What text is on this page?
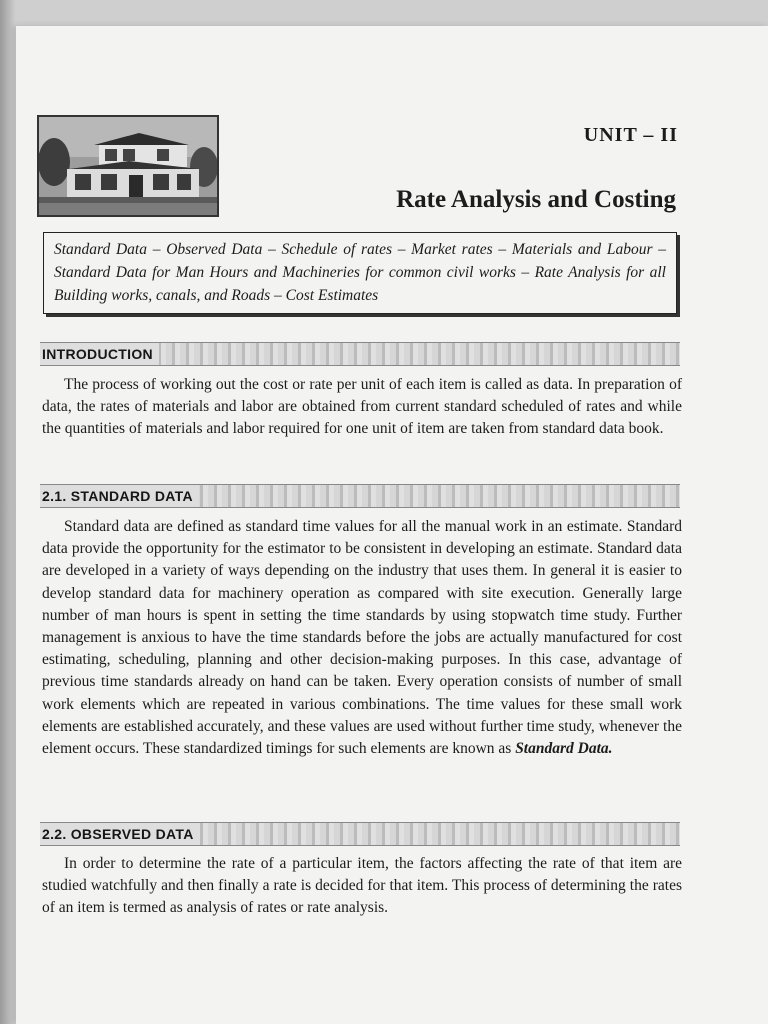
UNIT – II
Rate Analysis and Costing
Standard Data – Observed Data – Schedule of rates – Market rates – Materials and Labour – Standard Data for Man Hours and Machineries for common civil works – Rate Analysis for all Building works, canals, and Roads – Cost Estimates
INTRODUCTION
The process of working out the cost or rate per unit of each item is called as data. In preparation of data, the rates of materials and labor are obtained from current standard scheduled of rates and while the quantities of materials and labor required for one unit of item are taken from standard data book.
2.1. STANDARD DATA
Standard data are defined as standard time values for all the manual work in an estimate. Standard data provide the opportunity for the estimator to be consistent in developing an estimate. Standard data are developed in a variety of ways depending on the industry that uses them. In general it is easier to develop standard data for machinery operation as compared with site execution. Generally large number of man hours is spent in setting the time standards by using stopwatch time study. Further management is anxious to have the time standards before the jobs are actually manufactured for cost estimating, scheduling, planning and other decision-making purposes. In this case, advantage of previous time standards already on hand can be taken. Every operation consists of number of small work elements which are repeated in various combinations. The time values for these small work elements are established accurately, and these values are used without further time study, whenever the element occurs. These standardized timings for such elements are known as Standard Data.
2.2. OBSERVED DATA
In order to determine the rate of a particular item, the factors affecting the rate of that item are studied watchfully and then finally a rate is decided for that item. This process of determining the rates of an item is termed as analysis of rates or rate analysis.
